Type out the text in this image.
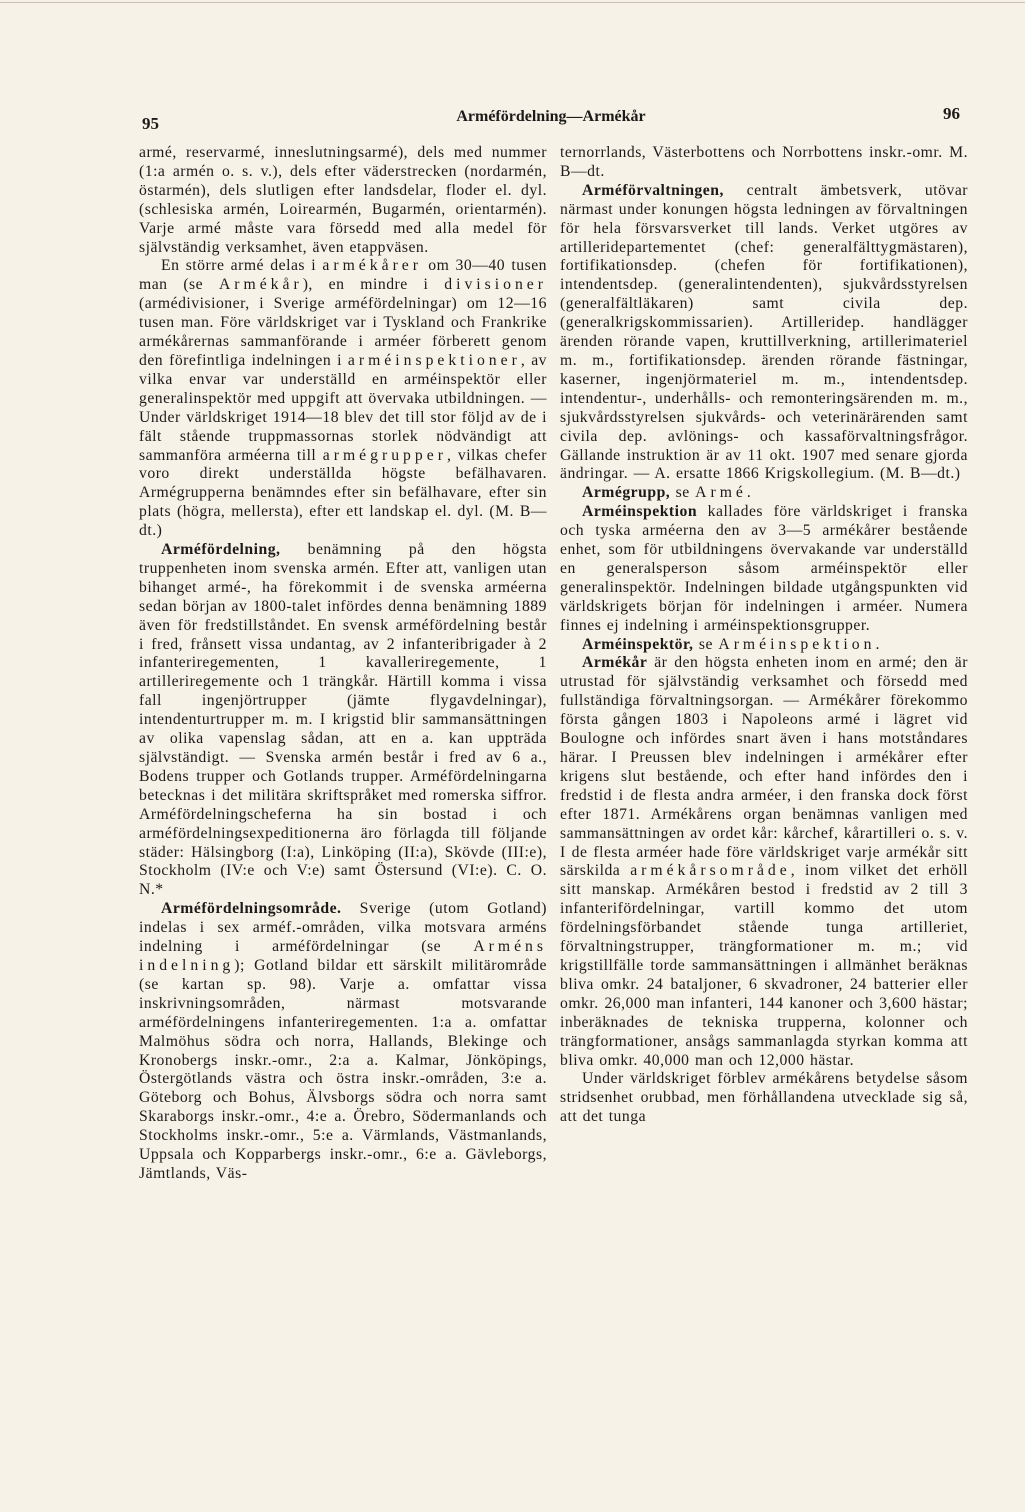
95	Arméfördelning—Armékår	96

armé, reservarmé, inneslutningsarmé), dels med nummer (1:a armén o. s. v.), dels efter väderstrecken (nordarmén, östarmén), dels slutligen efter landsdelar, floder el. dyl. (schlesiska armén, Loirearmén, Bugarmén, orientarmén). Varje armé måste vara försedd med alla medel för självständig verksamhet, även etappväsen.

En större armé delas i armékårer om 30—40 tusen man (se Armékår), en mindre i divisioner (armédivisioner, i Sverige arméfördelningar) om 12—16 tusen man. Före världskriget var i Tyskland och Frankrike armékårernas sammanförande i arméer förberett genom den förefintliga indelningen i arméinspektioner, av vilka envar var underställd en arméinspektör eller generalinspektör med uppgift att övervaka utbildningen. — Under världskriget 1914—18 blev det till stor följd av de i fält stående truppmassornas storlek nödvändigt att sammanföra arméerna till armégrupper, vilkas chefer voro direkt underställda högste befälhavaren. Armégrupperna benämndes efter sin befälhavare, efter sin plats (högra, mellersta), efter ett landskap el. dyl. (M. B—dt.)

Arméfördelning, benämning på den högsta truppenheten inom svenska armén. Efter att, vanligen utan bihanget armé-, ha förekommit i de svenska arméerna sedan början av 1800-talet infördes denna benämning 1889 även för fredstillståndet. En svensk arméfördelning består i fred, frånsett vissa undantag, av 2 infanteribrigader à 2 infanteriregementen, 1 kavalleriregemente, 1 artilleriregemente och 1 trängkår. Härtill komma i vissa fall ingenjörtrupper (jämte flygavdelningar), intendenturtrupper m. m. I krigstid blir sammansättningen av olika vapenslag sådan, att en a. kan uppträda självständigt. — Svenska armén består i fred av 6 a., Bodens trupper och Gotlands trupper. Arméfördelningarna betecknas i det militära skriftspråket med romerska siffror. Arméfördelningscheferna ha sin bostad i och arméfördelningsexpeditionerna äro förlagda till följande städer: Hälsingborg (I:a), Linköping (II:a), Skövde (III:e), Stockholm (IV:e och V:e) samt Östersund (VI:e). C. O. N.*

Arméfördelningsområde. Sverige (utom Gotland) indelas i sex arméf.-områden, vilka motsvara arméns indelning i arméfördelningar (se Arméns indelning); Gotland bildar ett särskilt militärområde (se kartan sp. 98). Varje a. omfattar vissa inskrivningsområden, närmast motsvarande arméfördelningens infanteriregementen. 1:a a. omfattar Malmöhus södra och norra, Hallands, Blekinge och Kronobergs inskr.-omr., 2:a a. Kalmar, Jönköpings, Östergötlands västra och östra inskr.-områden, 3:e a. Göteborg och Bohus, Älvsborgs södra och norra samt Skaraborgs inskr.-omr., 4:e a. Örebro, Södermanlands och Stockholms inskr.-omr., 5:e a. Värmlands, Västmanlands, Uppsala och Kopparbergs inskr.-omr., 6:e a. Gävleborgs, Jämtlands, Väs-

ternorrlands, Västerbottens och Norrbottens inskr.-omr. M. B—dt.

Arméförvaltningen, centralt ämbetsverk, utövar närmast under konungen högsta ledningen av förvaltningen för hela försvarsverket till lands. Verket utgöres av artilleridepartementet (chef: generalfälttygmästaren), fortifikationsdep. (chefen för fortifikationen), intendentsdep. (generalintendenten), sjukvårdsstyrelsen (generalfältläkaren) samt civila dep. (generalkrigskommissarien). Artilleridep. handlägger ärenden rörande vapen, kruttillverkning, artillerimateriel m. m., fortifikationsdep. ärenden rörande fästningar, kaserner, ingenjörmateriel m. m., intendentsdep. intendentur-, underhålls- och remonteringsärenden m. m., sjukvårdsstyrelsen sjukvårds- och veterinärärenden samt civila dep. avlönings- och kassaförvaltningsfrågor. Gällande instruktion är av 11 okt. 1907 med senare gjorda ändringar. — A. ersatte 1866 Krigskollegium. (M. B—dt.)

Armégrupp, se Armé.

Arméinspektion kallades före världskriget i franska och tyska arméerna den av 3—5 armékårer bestående enhet, som för utbildningens övervakande var underställd en generalsperson såsom arméinspektör eller generalinspektör. Indelningen bildade utgångspunkten vid världskrigets början för indelningen i arméer. Numera finnes ej indelning i arméinspektionsgrupper.

Arméinspektör, se Arméinspektion.

Armékår är den högsta enheten inom en armé; den är utrustad för självständig verksamhet och försedd med fullständiga förvaltningsorgan. — Armékårer förekommo första gången 1803 i Napoleons armé i lägret vid Boulogne och infördes snart även i hans motståndares härar. I Preussen blev indelningen i armékårer efter krigens slut bestående, och efter hand infördes den i fredstid i de flesta andra arméer, i den franska dock först efter 1871. Armékårens organ benämnas vanligen med sammansättningen av ordet kår: kårchef, kårartilleri o. s. v. I de flesta arméer hade före världskriget varje armékår sitt särskilda armékårsområde, inom vilket det erhöll sitt manskap. Armékåren bestod i fredstid av 2 till 3 infanterifördelningar, vartill kommo det utom fördelningsförbandet stående tunga artilleriet, förvaltningstrupper, trängformationer m. m.; vid krigstillfälle torde sammansättningen i allmänhet beräknas bliva omkr. 24 bataljoner, 6 skvadroner, 24 batterier eller omkr. 26,000 man infanteri, 144 kanoner och 3,600 hästar; inberäknades de tekniska trupperna, kolonner och trängformationer, ansågs sammanlagda styrkan komma att bliva omkr. 40,000 man och 12,000 hästar.

Under världskriget förblev armékårens betydelse såsom stridsenhet orubbad, men förhållandena utvecklade sig så, att det tunga
